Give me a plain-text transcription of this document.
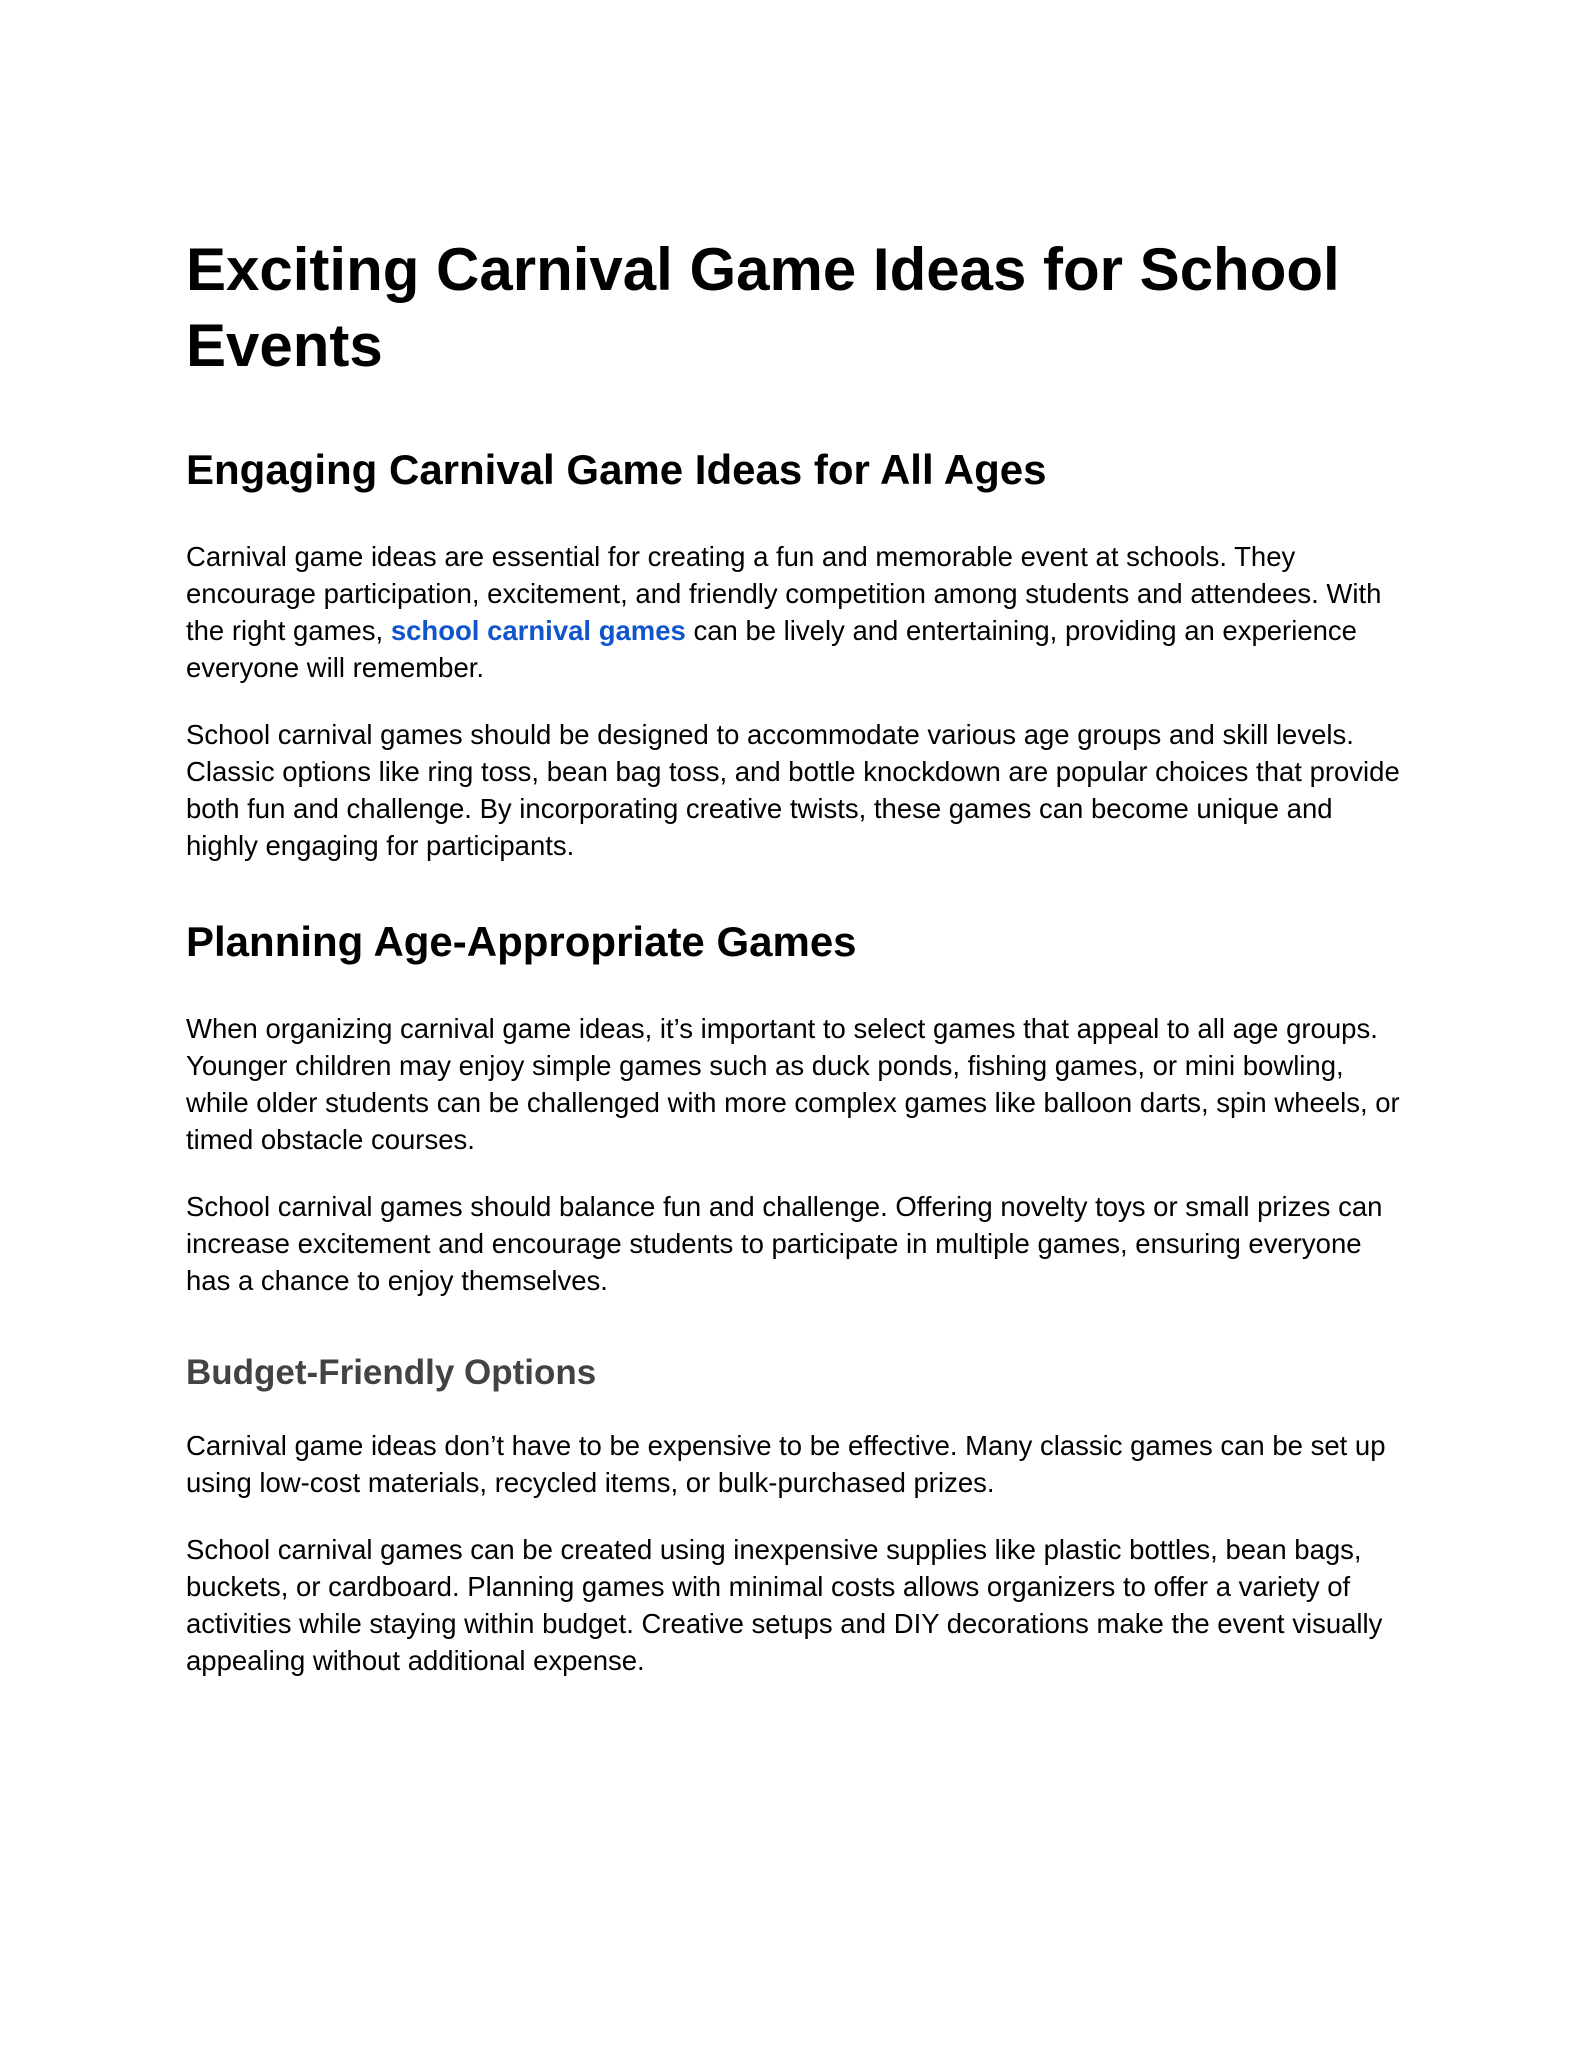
Exciting Carnival Game Ideas for School Events
Engaging Carnival Game Ideas for All Ages

Carnival game ideas are essential for creating a fun and memorable event at schools. They encourage participation, excitement, and friendly competition among students and attendees. With the right games, school carnival games can be lively and entertaining, providing an experience everyone will remember.

School carnival games should be designed to accommodate various age groups and skill levels. Classic options like ring toss, bean bag toss, and bottle knockdown are popular choices that provide both fun and challenge. By incorporating creative twists, these games can become unique and highly engaging for participants.

Planning Age-Appropriate Games

When organizing carnival game ideas, it’s important to select games that appeal to all age groups. Younger children may enjoy simple games such as duck ponds, fishing games, or mini bowling, while older students can be challenged with more complex games like balloon darts, spin wheels, or timed obstacle courses.

School carnival games should balance fun and challenge. Offering novelty toys or small prizes can increase excitement and encourage students to participate in multiple games, ensuring everyone has a chance to enjoy themselves.

Budget-Friendly Options

Carnival game ideas don’t have to be expensive to be effective. Many classic games can be set up using low-cost materials, recycled items, or bulk-purchased prizes.

School carnival games can be created using inexpensive supplies like plastic bottles, bean bags, buckets, or cardboard. Planning games with minimal costs allows organizers to offer a variety of activities while staying within budget. Creative setups and DIY decorations make the event visually appealing without additional expense.
